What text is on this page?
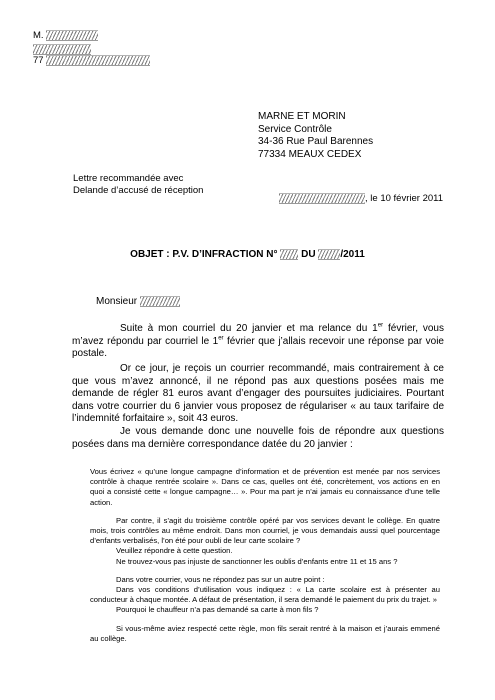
M.
77
MARNE ET MORIN
Service Contrôle
34-36 Rue Paul Barennes
77334 MEAUX CEDEX
Lettre recommandée avec
Delande d’accusé de réception
, le 10 février 2011
OBJET : P.V. D’INFRACTION N° DU /2011
Monsieur
Suite à mon courriel du 20 janvier et ma relance du 1er février, vous m’avez répondu par courriel le 1er février que j’allais recevoir une réponse par voie postale.
Or ce jour, je reçois un courrier recommandé, mais contrairement à ce que vous m’avez annoncé, il ne répond pas aux questions posées mais me demande de régler 81 euros avant d’engager des poursuites judiciaires. Pourtant dans votre courrier du 6 janvier vous proposez de régulariser « au taux tarifaire de l’indemnité forfaitaire », soit 43 euros.
Je vous demande donc une nouvelle fois de répondre aux questions posées dans ma dernière correspondance datée du 20 janvier :
Vous écrivez « qu’une longue campagne d’information et de prévention est menée par nos services contrôle à chaque rentrée scolaire ». Dans ce cas, quelles ont été, concrètement, vos actions en en quoi a consisté cette « longue campagne… ». Pour ma part je n’ai jamais eu connaissance d’une telle action.
Par contre, il s’agit du troisième contrôle opéré par vos services devant le collège. En quatre mois, trois contrôles au même endroit. Dans mon courriel, je vous demandais aussi quel pourcentage d’enfants verbalisés, l’on été pour oubli de leur carte scolaire ?
Veuillez répondre à cette question.
Ne trouvez-vous pas injuste de sanctionner les oublis d’enfants entre 11 et 15 ans ?
Dans votre courrier, vous ne répondez pas sur un autre point :
Dans vos conditions d’utilisation vous indiquez : « La carte scolaire est à présenter au conducteur à chaque montée. A défaut de présentation, il sera demandé le paiement du prix du trajet. »
Pourquoi le chauffeur n’a pas demandé sa carte à mon fils ?
Si vous-même aviez respecté cette règle, mon fils serait rentré à la maison et j’aurais emmené au collège.
